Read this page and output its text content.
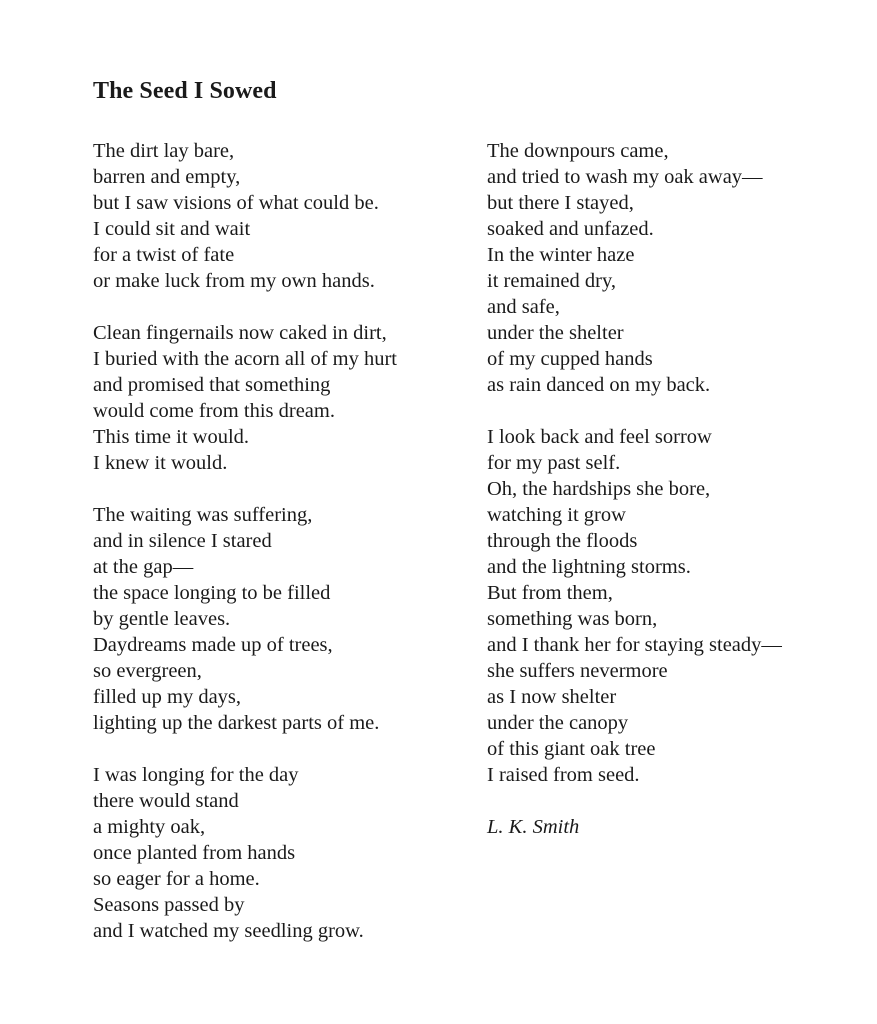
The Seed I Sowed
The dirt lay bare,
barren and empty,
but I saw visions of what could be.
I could sit and wait
for a twist of fate
or make luck from my own hands.
Clean fingernails now caked in dirt,
I buried with the acorn all of my hurt
and promised that something
would come from this dream.
This time it would.
I knew it would.
The waiting was suffering,
and in silence I stared
at the gap—
the space longing to be filled
by gentle leaves.
Daydreams made up of trees,
so evergreen,
filled up my days,
lighting up the darkest parts of me.
I was longing for the day
there would stand
a mighty oak,
once planted from hands
so eager for a home.
Seasons passed by
and I watched my seedling grow.
The downpours came,
and tried to wash my oak away—
but there I stayed,
soaked and unfazed.
In the winter haze
it remained dry,
and safe,
under the shelter
of my cupped hands
as rain danced on my back.
I look back and feel sorrow
for my past self.
Oh, the hardships she bore,
watching it grow
through the floods
and the lightning storms.
But from them,
something was born,
and I thank her for staying steady—
she suffers nevermore
as I now shelter
under the canopy
of this giant oak tree
I raised from seed.
L. K. Smith
